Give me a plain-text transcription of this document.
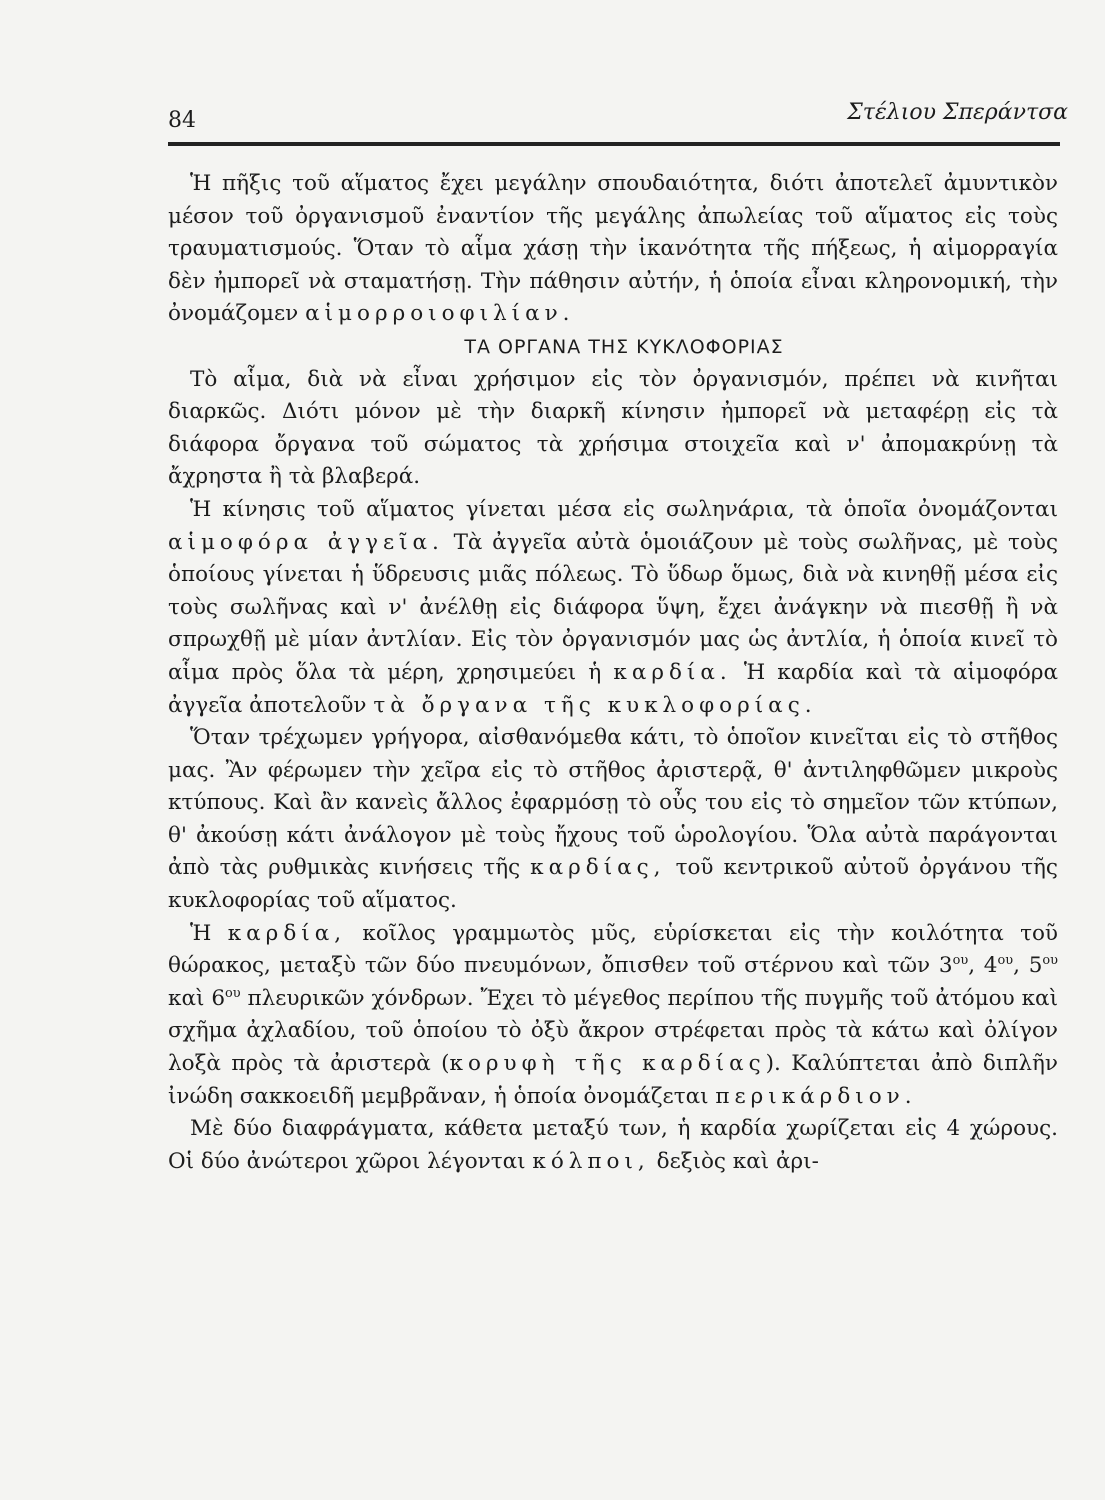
84	Στέλιου Σπεράντσα

Ἡ πῆξις τοῦ αἵματος ἔχει μεγάλην σπουδαιότητα, διότι ἀποτελεῖ ἀμυντικὸν μέσον τοῦ ὀργανισμοῦ ἐναντίον τῆς μεγάλης ἀπωλείας τοῦ αἵματος εἰς τοὺς τραυματισμούς. Ὅταν τὸ αἷμα χάσῃ τὴν ἱκανότητα τῆς πήξεως, ἡ αἱμορραγία δὲν ἠμπορεῖ νὰ σταματήσῃ. Τὴν πάθησιν αὐτήν, ἡ ὁποία εἶναι κληρονομική, τὴν ὀνομάζομεν αἱμορροιοφιλίαν.

ΤΑ ΟΡΓΑΝΑ ΤΗΣ ΚΥΚΛΟΦΟΡΙΑΣ

Τὸ αἷμα, διὰ νὰ εἶναι χρήσιμον εἰς τὸν ὀργανισμόν, πρέπει νὰ κινῆται διαρκῶς. Διότι μόνον μὲ τὴν διαρκῆ κίνησιν ἠμπορεῖ νὰ μεταφέρῃ εἰς τὰ διάφορα ὄργανα τοῦ σώματος τὰ χρήσιμα στοιχεῖα καὶ ν' ἀπομακρύνῃ τὰ ἄχρηστα ἢ τὰ βλαβερά.

Ἡ κίνησις τοῦ αἵματος γίνεται μέσα εἰς σωληνάρια, τὰ ὁποῖα ὀνομάζονται αἱμοφόρα ἀγγεῖα. Τὰ ἀγγεῖα αὐτὰ ὁμοιάζουν μὲ τοὺς σωλῆνας, μὲ τοὺς ὁποίους γίνεται ἡ ὕδρευσις μιᾶς πόλεως. Τὸ ὕδωρ ὅμως, διὰ νὰ κινηθῇ μέσα εἰς τοὺς σωλῆνας καὶ ν' ἀνέλθῃ εἰς διάφορα ὕψη, ἔχει ἀνάγκην νὰ πιεσθῇ ἢ νὰ σπρωχθῇ μὲ μίαν ἀντλίαν. Εἰς τὸν ὀργανισμόν μας ὡς ἀντλία, ἡ ὁποία κινεῖ τὸ αἷμα πρὸς ὅλα τὰ μέρη, χρησιμεύει ἡ καρδία. Ἡ καρδία καὶ τὰ αἱμοφόρα ἀγγεῖα ἀποτελοῦν τὰ ὄργανα τῆς κυκλοφορίας.

Ὅταν τρέχωμεν γρήγορα, αἰσθανόμεθα κάτι, τὸ ὁποῖον κινεῖται εἰς τὸ στῆθος μας. Ἂν φέρωμεν τὴν χεῖρα εἰς τὸ στῆθος ἀριστερᾷ, θ' ἀντιληφθῶμεν μικροὺς κτύπους. Καὶ ἂν κανεὶς ἄλλος ἐφαρμόσῃ τὸ οὖς του εἰς τὸ σημεῖον τῶν κτύπων, θ' ἀκούσῃ κάτι ἀνάλογον μὲ τοὺς ἤχους τοῦ ὡρολογίου. Ὅλα αὐτὰ παράγονται ἀπὸ τὰς ρυθμικὰς κινήσεις τῆς καρδίας, τοῦ κεντρικοῦ αὐτοῦ ὀργάνου τῆς κυκλοφορίας τοῦ αἵματος.

Ἡ καρδία, κοῖλος γραμμωτὸς μῦς, εὑρίσκεται εἰς τὴν κοιλότητα τοῦ θώρακος, μεταξὺ τῶν δύο πνευμόνων, ὄπισθεν τοῦ στέρνου καὶ τῶν $3^{o\upsilon}$, $4^{o\upsilon}$, $5^{o\upsilon}$ καὶ $6^{o\upsilon}$ πλευρικῶν χόνδρων. Ἔχει τὸ μέγεθος περίπου τῆς πυγμῆς τοῦ ἀτόμου καὶ σχῆμα ἀχλαδίου, τοῦ ὁποίου τὸ ὀξὺ ἄκρον στρέφεται πρὸς τὰ κάτω καὶ ὀλίγον λοξὰ πρὸς τὰ ἀριστερὰ (κορυφὴ τῆς καρδίας). Καλύπτεται ἀπὸ διπλῆν ἰνώδη σακκοειδῆ μεμβρᾶναν, ἡ ὁποία ὀνομάζεται περικάρδιον.

Μὲ δύο διαφράγματα, κάθετα μεταξύ των, ἡ καρδία χωρίζεται εἰς 4 χώρους. Οἱ δύο ἀνώτεροι χῶροι λέγονται κόλποι, δεξιὸς καὶ ἀρι-
